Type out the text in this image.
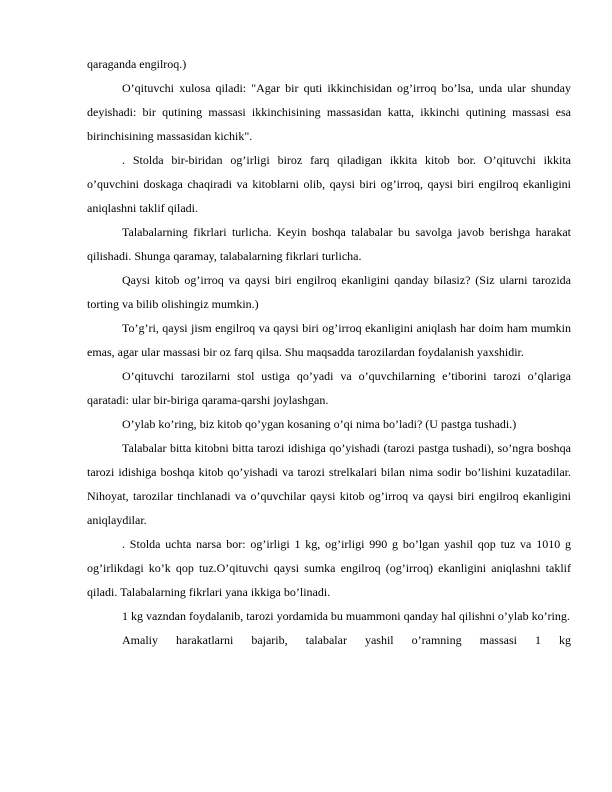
qaraganda engilroq.)

O’qituvchi xulosa qiladi: "Agar bir quti ikkinchisidan og’irroq bo’lsa, unda ular shunday deyishadi: bir qutining massasi ikkinchisining massasidan katta, ikkinchi qutining massasi esa birinchisining massasidan kichik".

. Stolda bir-biridan og’irligi biroz farq qiladigan ikkita kitob bor. O’qituvchi ikkita o’quvchini doskaga chaqiradi va kitoblarni olib, qaysi biri og’irroq, qaysi biri engilroq ekanligini aniqlashni taklif qiladi.

Talabalarning fikrlari turlicha. Keyin boshqa talabalar bu savolga javob berishga harakat qilishadi. Shunga qaramay, talabalarning fikrlari turlicha.

Qaysi kitob og’irroq va qaysi biri engilroq ekanligini qanday bilasiz? (Siz ularni tarozida torting va bilib olishingiz mumkin.)

To’g’ri, qaysi jism engilroq va qaysi biri og’irroq ekanligini aniqlash har doim ham mumkin emas, agar ular massasi bir oz farq qilsa. Shu maqsadda tarozilardan foydalanish yaxshidir.

O’qituvchi tarozilarni stol ustiga qo’yadi va o’quvchilarning e’tiborini tarozi o’qlariga qaratadi: ular bir-biriga qarama-qarshi joylashgan.

O’ylab ko’ring, biz kitob qo’ygan kosaning o’qi nima bo’ladi? (U pastga tushadi.)

Talabalar bitta kitobni bitta tarozi idishiga qo’yishadi (tarozi pastga tushadi), so’ngra boshqa tarozi idishiga boshqa kitob qo’yishadi va tarozi strelkalari bilan nima sodir bo’lishini kuzatadilar. Nihoyat, tarozilar tinchlanadi va o’quvchilar qaysi kitob og’irroq va qaysi biri engilroq ekanligini aniqlaydilar.

. Stolda uchta narsa bor: og’irligi 1 kg, og’irligi 990 g bo’lgan yashil qop tuz va 1010 g og’irlikdagi ko’k qop tuz.O’qituvchi qaysi sumka engilroq (og’irroq) ekanligini aniqlashni taklif qiladi. Talabalarning fikrlari yana ikkiga bo’linadi.

1 kg vazndan foydalanib, tarozi yordamida bu muammoni qanday hal qilishni o’ylab ko’ring.

Amaliy harakatlarni bajarib, talabalar yashil o’ramning massasi 1 kg
